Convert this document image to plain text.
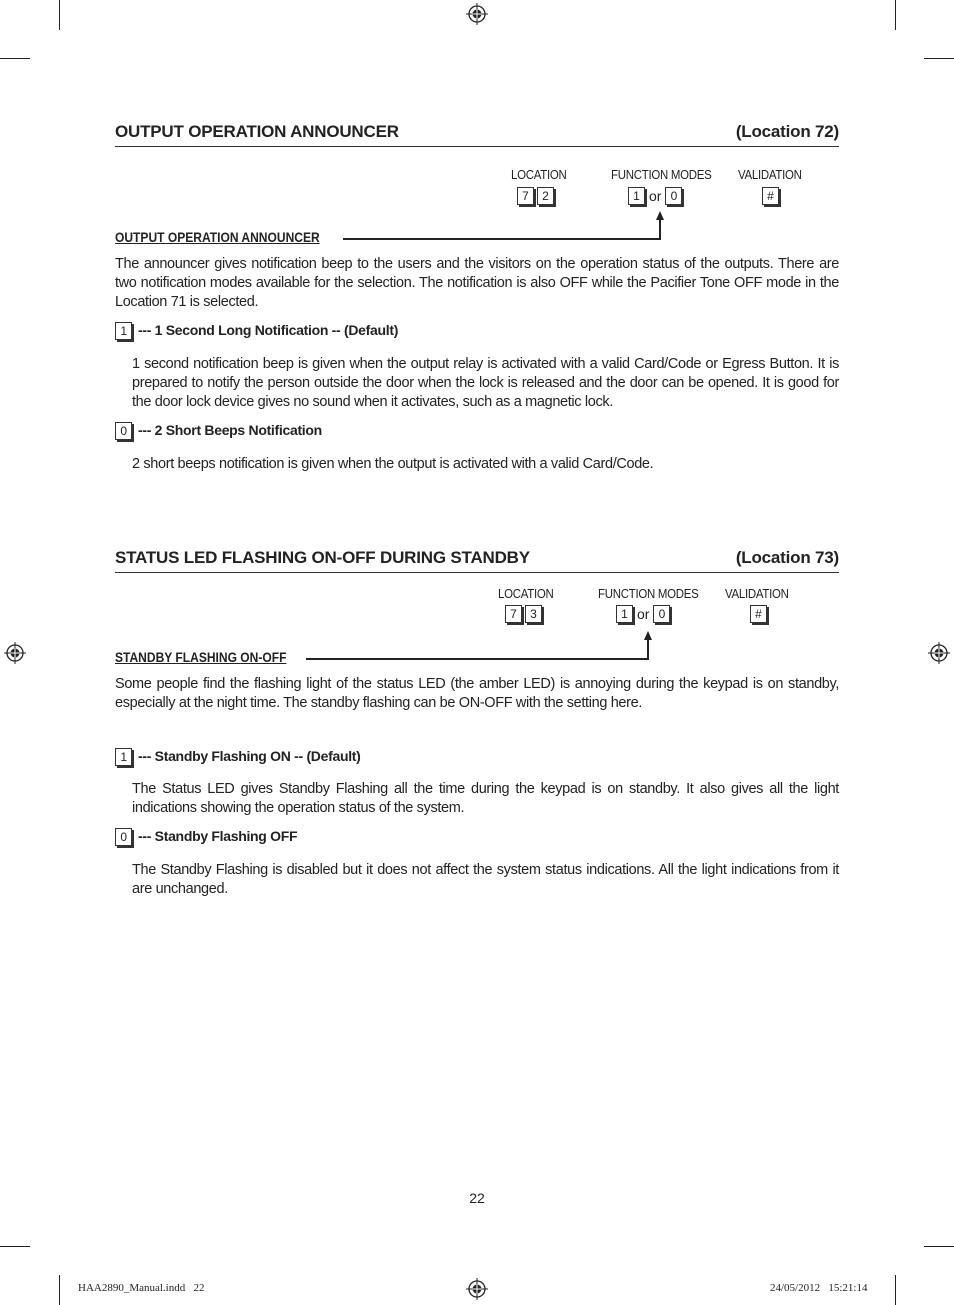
OUTPUT OPERATION ANNOUNCER	(Location 72)
LOCATION	FUNCTION MODES VALIDATION
7 2	1 or 0	#
OUTPUT OPERATION ANNOUNCER
The announcer gives notification beep to the users and the visitors on the operation status of the outputs. There are two notification modes available for the selection. The notification is also OFF while the Pacifier Tone OFF mode in the Location 71 is selected.
1 --- 1 Second Long Notification -- (Default)
1 second notification beep is given when the output relay is activated with a valid Card/Code or Egress Button. It is prepared to notify the person outside the door when the lock is released and the door can be opened. It is good for the door lock device gives no sound when it activates, such as a magnetic lock.
0 --- 2 Short Beeps Notification
2 short beeps notification is given when the output is activated with a valid Card/Code.
STATUS LED FLASHING ON-OFF DURING STANDBY	(Location 73)
LOCATION	FUNCTION MODES VALIDATION
7 3	1 or 0	#
STANDBY FLASHING ON-OFF
Some people find the flashing light of the status LED (the amber LED) is annoying during the keypad is on standby, especially at the night time. The standby flashing can be ON-OFF with the setting here.
1 --- Standby Flashing ON -- (Default)
The Status LED gives Standby Flashing all the time during the keypad is on standby. It also gives all the light indications showing the operation status of the system.
0 --- Standby Flashing OFF
The Standby Flashing is disabled but it does not affect the system status indications. All the light indications from it are unchanged.
22
HAA2890_Manual.indd   22	24/05/2012   15:21:14
